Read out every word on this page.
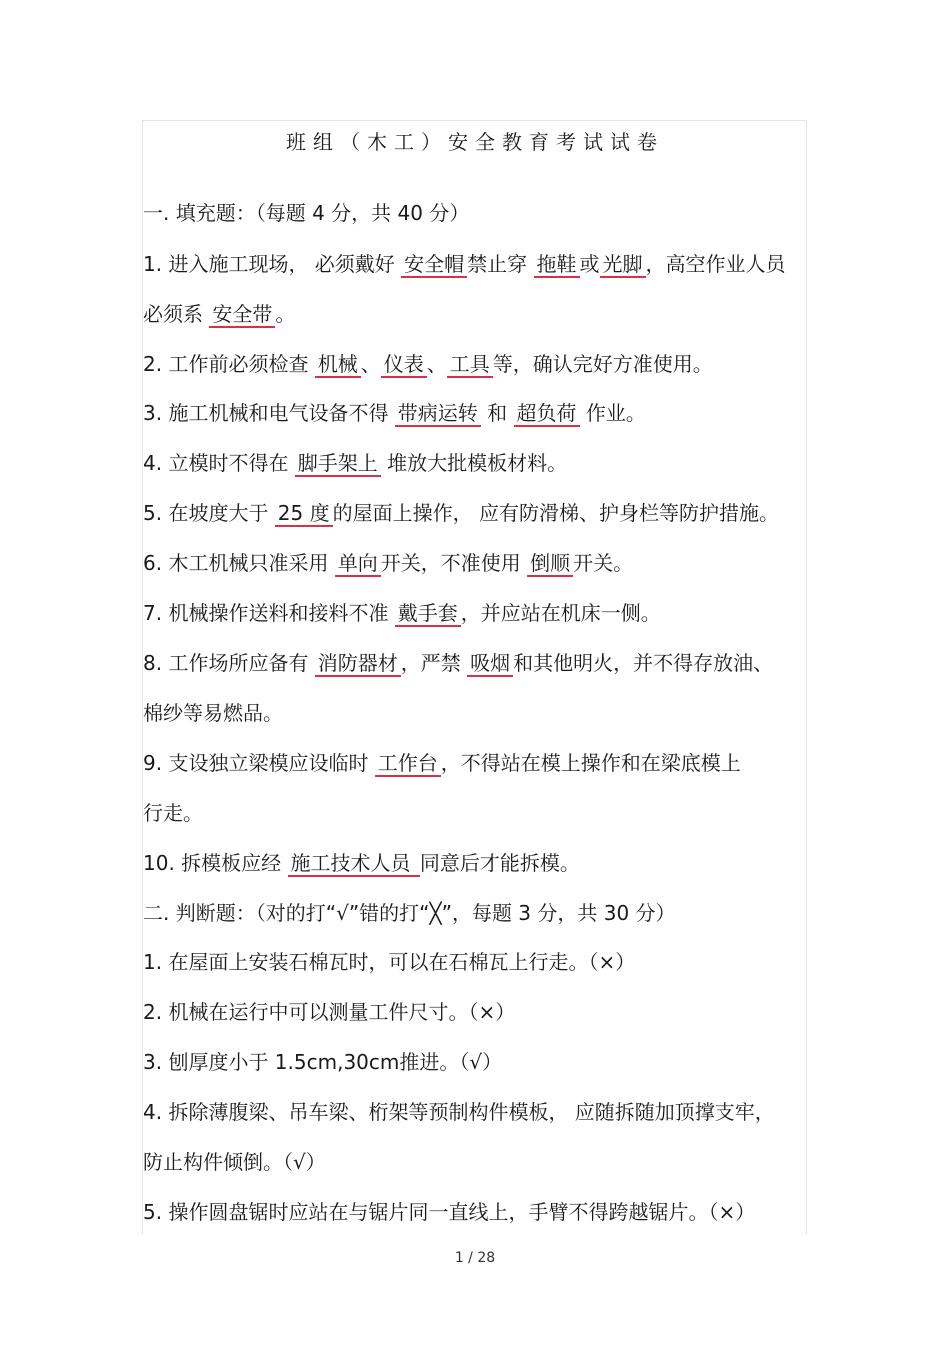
班组（木工）安全教育考试试卷
一. 填充题：（每题 4 分，共 40 分）
1. 进入施工现场， 必须戴好 安全帽 禁止穿 拖鞋 或 光脚 ，高空作业人员
必须系 安全带 。
2. 工作前必须检查 机械 、 仪表 、 工具 等，确认完好方准使用。
3. 施工机械和电气设备不得 带病运转 和 超负荷 作业。
4. 立模时不得在 脚手架上 堆放大批模板材料。
5. 在坡度大于 25 度 的屋面上操作， 应有防滑梯、护身栏等防护措施。
6. 木工机械只准采用 单向 开关，不准使用 倒顺 开关。
7. 机械操作送料和接料不准 戴手套 ，并应站在机床一侧。
8. 工作场所应备有 消防器材 ，严禁 吸烟 和其他明火，并不得存放油、
棉纱等易燃品。
9. 支设独立梁模应设临时 工作台 ，不得站在模上操作和在梁底模上
行走。
10. 拆模板应经 施工技术人员 同意后才能拆模。
二. 判断题：（对的打“√”错的打“╳”，每题 3 分，共 30 分）
1. 在屋面上安装石棉瓦时，可以在石棉瓦上行走。（×）
2. 机械在运行中可以测量工件尺寸。（×）
3. 刨厚度小于 1.5cm,30cm推进。（√）
4. 拆除薄腹梁、吊车梁、桁架等预制构件模板， 应随拆随加顶撑支牢，
防止构件倾倒。（√）
5. 操作圆盘锯时应站在与锯片同一直线上，手臂不得跨越锯片。（×）
1 / 28
